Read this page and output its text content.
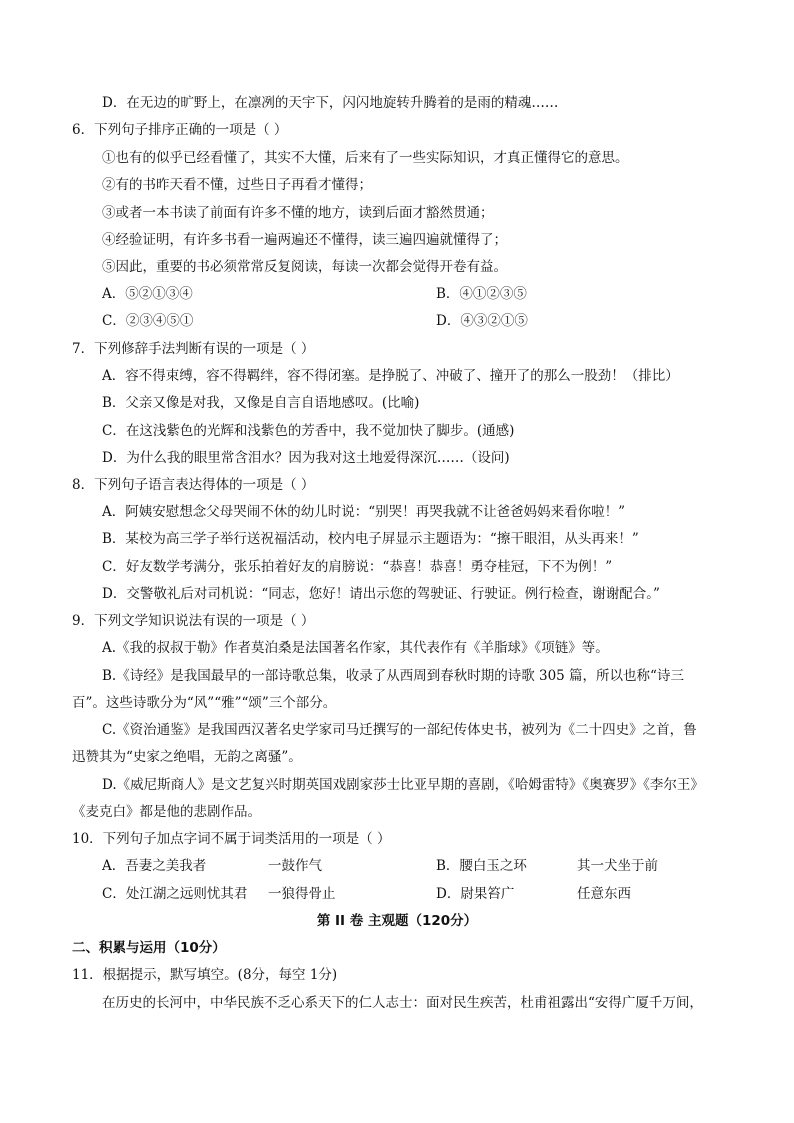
D．在无边的旷野上，在凛冽的天宇下，闪闪地旋转升腾着的是雨的精魂……
6．下列句子排序正确的一项是（ ）
①也有的似乎已经看懂了，其实不大懂，后来有了一些实际知识，才真正懂得它的意思。
②有的书昨天看不懂，过些日子再看才懂得；
③或者一本书读了前面有许多不懂的地方，读到后面才豁然贯通；
④经验证明，有许多书看一遍两遍还不懂得，读三遍四遍就懂得了；
⑤因此，重要的书必须常常反复阅读，每读一次都会觉得开卷有益。
A．⑤②①③④	B．④①②③⑤
C．②③④⑤①	D．④③②①⑤
7．下列修辞手法判断有误的一项是（ ）
A．容不得束缚，容不得羁绊，容不得闭塞。是挣脱了、冲破了、撞开了的那么一股劲！（排比）
B．父亲又像是对我，又像是自言自语地感叹。(比喻)
C．在这浅紫色的光辉和浅紫色的芳香中，我不觉加快了脚步。(通感)
D．为什么我的眼里常含泪水？因为我对这土地爱得深沉……（设问)
8．下列句子语言表达得体的一项是（ ）
A．阿姨安慰想念父母哭闹不休的幼儿时说：“别哭！再哭我就不让爸爸妈妈来看你啦！”
B．某校为高三学子举行送祝福活动，校内电子屏显示主题语为：“擦干眼泪，从头再来！”
C．好友数学考满分，张乐拍着好友的肩膀说：“恭喜！恭喜！勇夺桂冠，下不为例！”
D．交警敬礼后对司机说：“同志，您好！请出示您的驾驶证、行驶证。例行检查，谢谢配合。”
9．下列文学知识说法有误的一项是（ ）
A.《我的叔叔于勒》作者莫泊桑是法国著名作家，其代表作有《羊脂球》《项链》等。
B.《诗经》是我国最早的一部诗歌总集，收录了从西周到春秋时期的诗歌 305 篇，所以也称“诗三
百”。这些诗歌分为“风”“雅”“颂”三个部分。
C.《资治通鉴》是我国西汉著名史学家司马迁撰写的一部纪传体史书，被列为《二十四史》之首，鲁
迅赞其为“史家之绝唱，无韵之离骚”。
D.《威尼斯商人》是文艺复兴时期英国戏剧家莎士比亚早期的喜剧，《哈姆雷特》《奥赛罗》《李尔王》
《麦克白》都是他的悲剧作品。
10．下列句子加点字词不属于词类活用的一项是（ ）
A．吾妻之美我者	一鼓作气	B．腰白玉之环	其一犬坐于前
C．处江湖之远则忧其君 一狼得骨止	D．尉果笞广	任意东西
第 II 卷 主观题（120分）
二、积累与运用（10分）
11．根据提示，默写填空。(8分，每空 1分)
在历史的长河中，中华民族不乏心系天下的仁人志士：面对民生疾苦，杜甫祖露出“安得广厦千万间，
